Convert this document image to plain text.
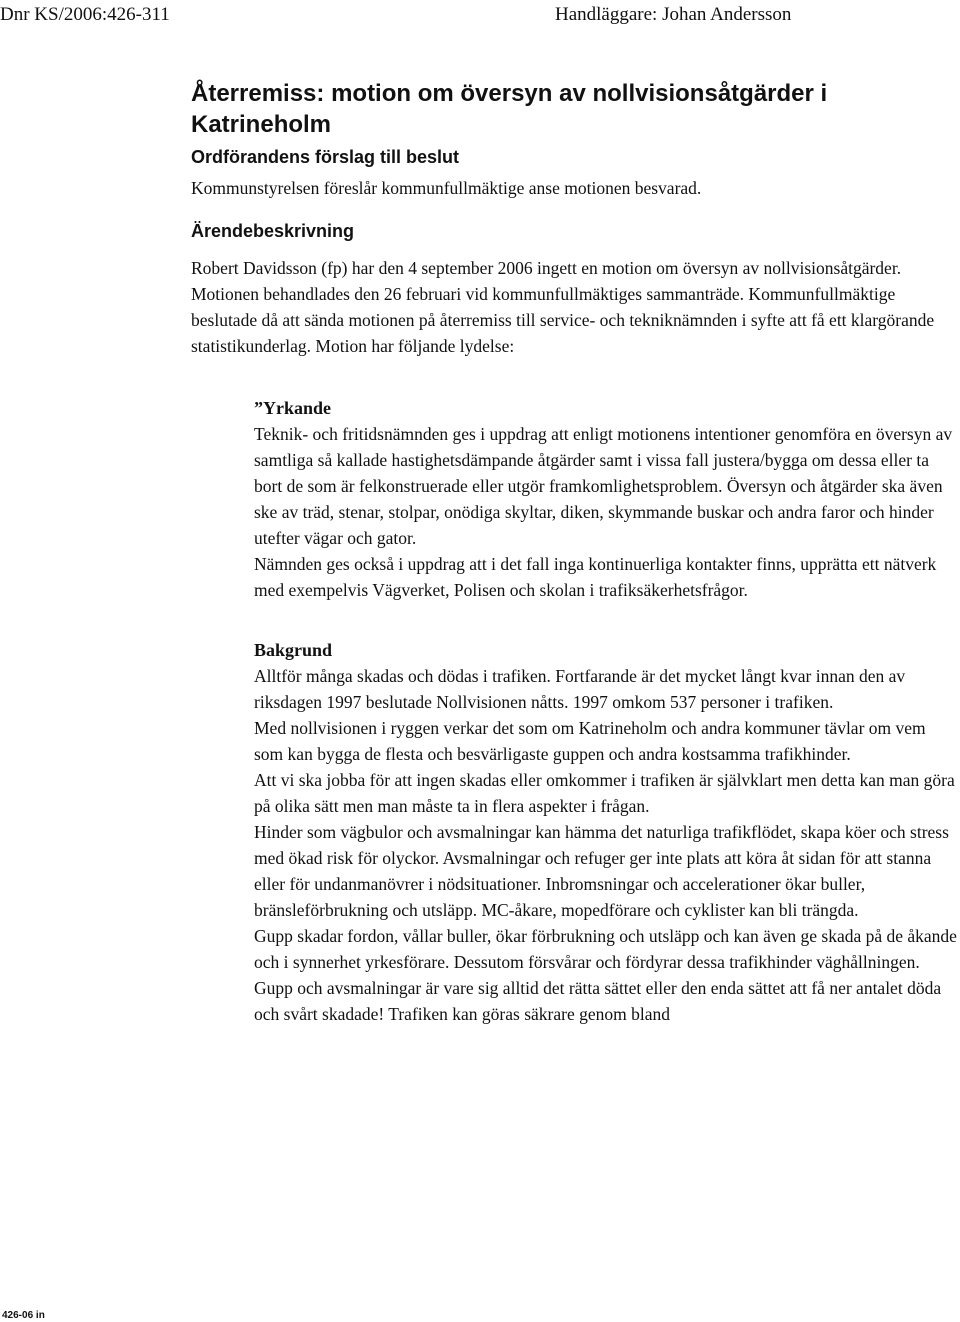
Dnr KS/2006:426-311	Handläggare: Johan Andersson
Återremiss: motion om översyn av nollvisionsåtgärder i Katrineholm
Ordförandens förslag till beslut

Kommunstyrelsen föreslår kommunfullmäktige anse motionen besvarad.

Ärendebeskrivning

Robert Davidsson (fp) har den 4 september 2006 ingett en motion om översyn av nollvisionsåtgärder. Motionen behandlades den 26 februari vid kommunfullmäktiges sammanträde. Kommunfullmäktige beslutade då att sända motionen på återremiss till service- och tekniknämnden i syfte att få ett klargörande statistikunderlag. Motion har följande lydelse:

”Yrkande

Teknik- och fritidsnämnden ges i uppdrag att enligt motionens intentioner genomföra en översyn av samtliga så kallade hastighetsdämpande åtgärder samt i vissa fall justera/bygga om dessa eller ta bort de som är felkonstruerade eller utgör framkomlighetsproblem. Översyn och åtgärder ska även ske av träd, stenar, stolpar, onödiga skyltar, diken, skymmande buskar och andra faror och hinder utefter vägar och gator.

Nämnden ges också i uppdrag att i det fall inga kontinuerliga kontakter finns, upprätta ett nätverk med exempelvis Vägverket, Polisen och skolan i trafiksäkerhetsfrågor.

Bakgrund

Alltför många skadas och dödas i trafiken. Fortfarande är det mycket långt kvar innan den av riksdagen 1997 beslutade Nollvisionen nåtts. 1997 omkom 537 personer i trafiken.

Med nollvisionen i ryggen verkar det som om Katrineholm och andra kommuner tävlar om vem som kan bygga de flesta och besvärligaste guppen och andra kostsamma trafikhinder.

Att vi ska jobba för att ingen skadas eller omkommer i trafiken är självklart men detta kan man göra på olika sätt men man måste ta in flera aspekter i frågan.

Hinder som vägbulor och avsmalningar kan hämma det naturliga trafikflödet, skapa köer och stress med ökad risk för olyckor. Avsmalningar och refuger ger inte plats att köra åt sidan för att stanna eller för undanmanövrer i nödsituationer. Inbromsningar och accelerationer ökar buller, bränsleförbrukning och utsläpp. MC-åkare, mopedförare och cyklister kan bli trängda.

Gupp skadar fordon, vållar buller, ökar förbrukning och utsläpp och kan även ge skada på de åkande och i synnerhet yrkesförare. Dessutom försvårar och fördyrar dessa trafikhinder väghållningen.

Gupp och avsmalningar är vare sig alltid det rätta sättet eller den enda sättet att få ner antalet döda och svårt skadade! Trafiken kan göras säkrare genom bland

426-06 in
